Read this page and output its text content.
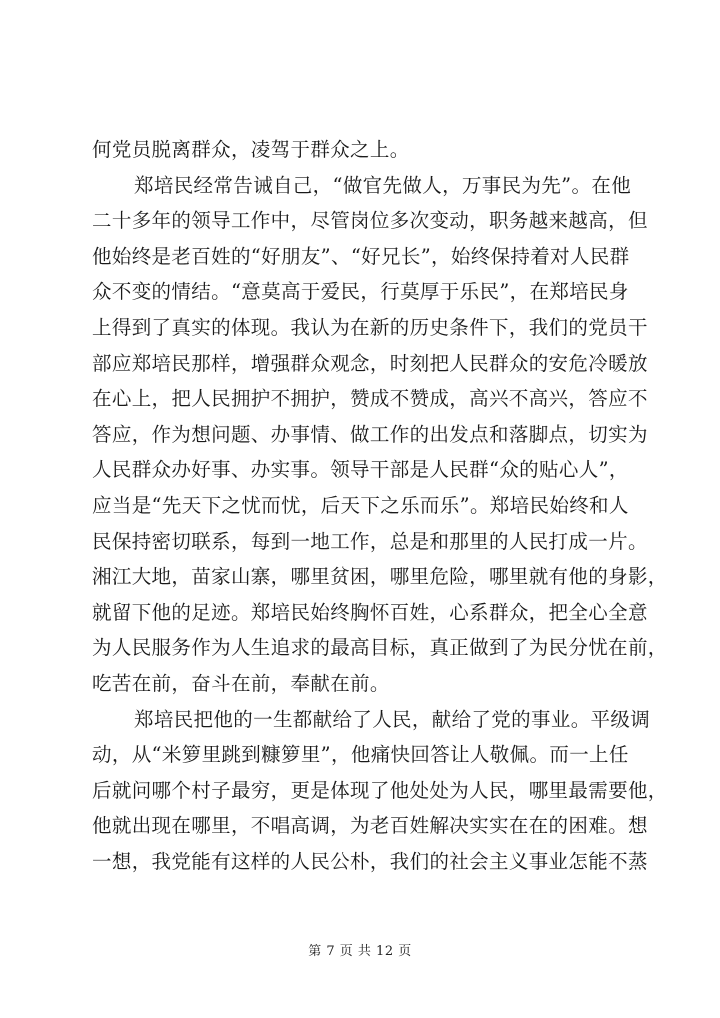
何党员脱离群众，凌驾于群众之上。
郑培民经常告诫自己，“做官先做人，万事民为先”。在他
二十多年的领导工作中，尽管岗位多次变动，职务越来越高，但
他始终是老百姓的“好朋友”、“好兄长”，始终保持着对人民群
众不变的情结。“意莫高于爱民，行莫厚于乐民”，在郑培民身
上得到了真实的体现。我认为在新的历史条件下，我们的党员干
部应郑培民那样，增强群众观念，时刻把人民群众的安危冷暖放
在心上，把人民拥护不拥护，赞成不赞成，高兴不高兴，答应不
答应，作为想问题、办事情、做工作的出发点和落脚点，切实为
人民群众办好事、办实事。领导干部是人民群“众的贴心人”，
应当是“先天下之忧而忧，后天下之乐而乐”。郑培民始终和人
民保持密切联系，每到一地工作，总是和那里的人民打成一片。
湘江大地，苗家山寨，哪里贫困，哪里危险，哪里就有他的身影，
就留下他的足迹。郑培民始终胸怀百姓，心系群众，把全心全意
为人民服务作为人生追求的最高目标，真正做到了为民分忧在前，
吃苦在前，奋斗在前，奉献在前。
郑培民把他的一生都献给了人民，献给了党的事业。平级调
动，从“米箩里跳到糠箩里”，他痛快回答让人敬佩。而一上任
后就问哪个村子最穷，更是体现了他处处为人民，哪里最需要他，
他就出现在哪里，不唱高调，为老百姓解决实实在在的困难。想
一想，我党能有这样的人民公朴，我们的社会主义事业怎能不蒸
第 7 页 共 12 页
